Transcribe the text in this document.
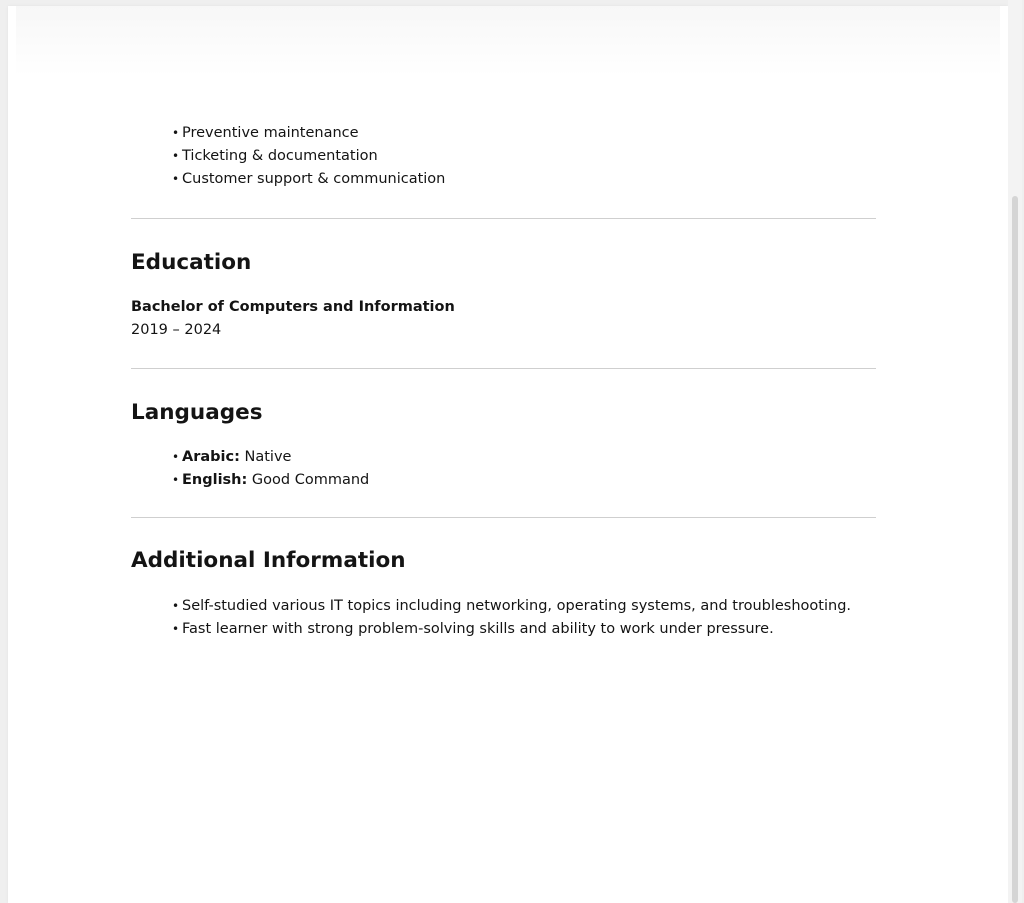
• Preventive maintenance
• Ticketing & documentation
• Customer support & communication
Education
Bachelor of Computers and Information
2019 – 2024
Languages
• Arabic: Native
• English: Good Command
Additional Information
• Self-studied various IT topics including networking, operating systems, and troubleshooting.
• Fast learner with strong problem-solving skills and ability to work under pressure.
